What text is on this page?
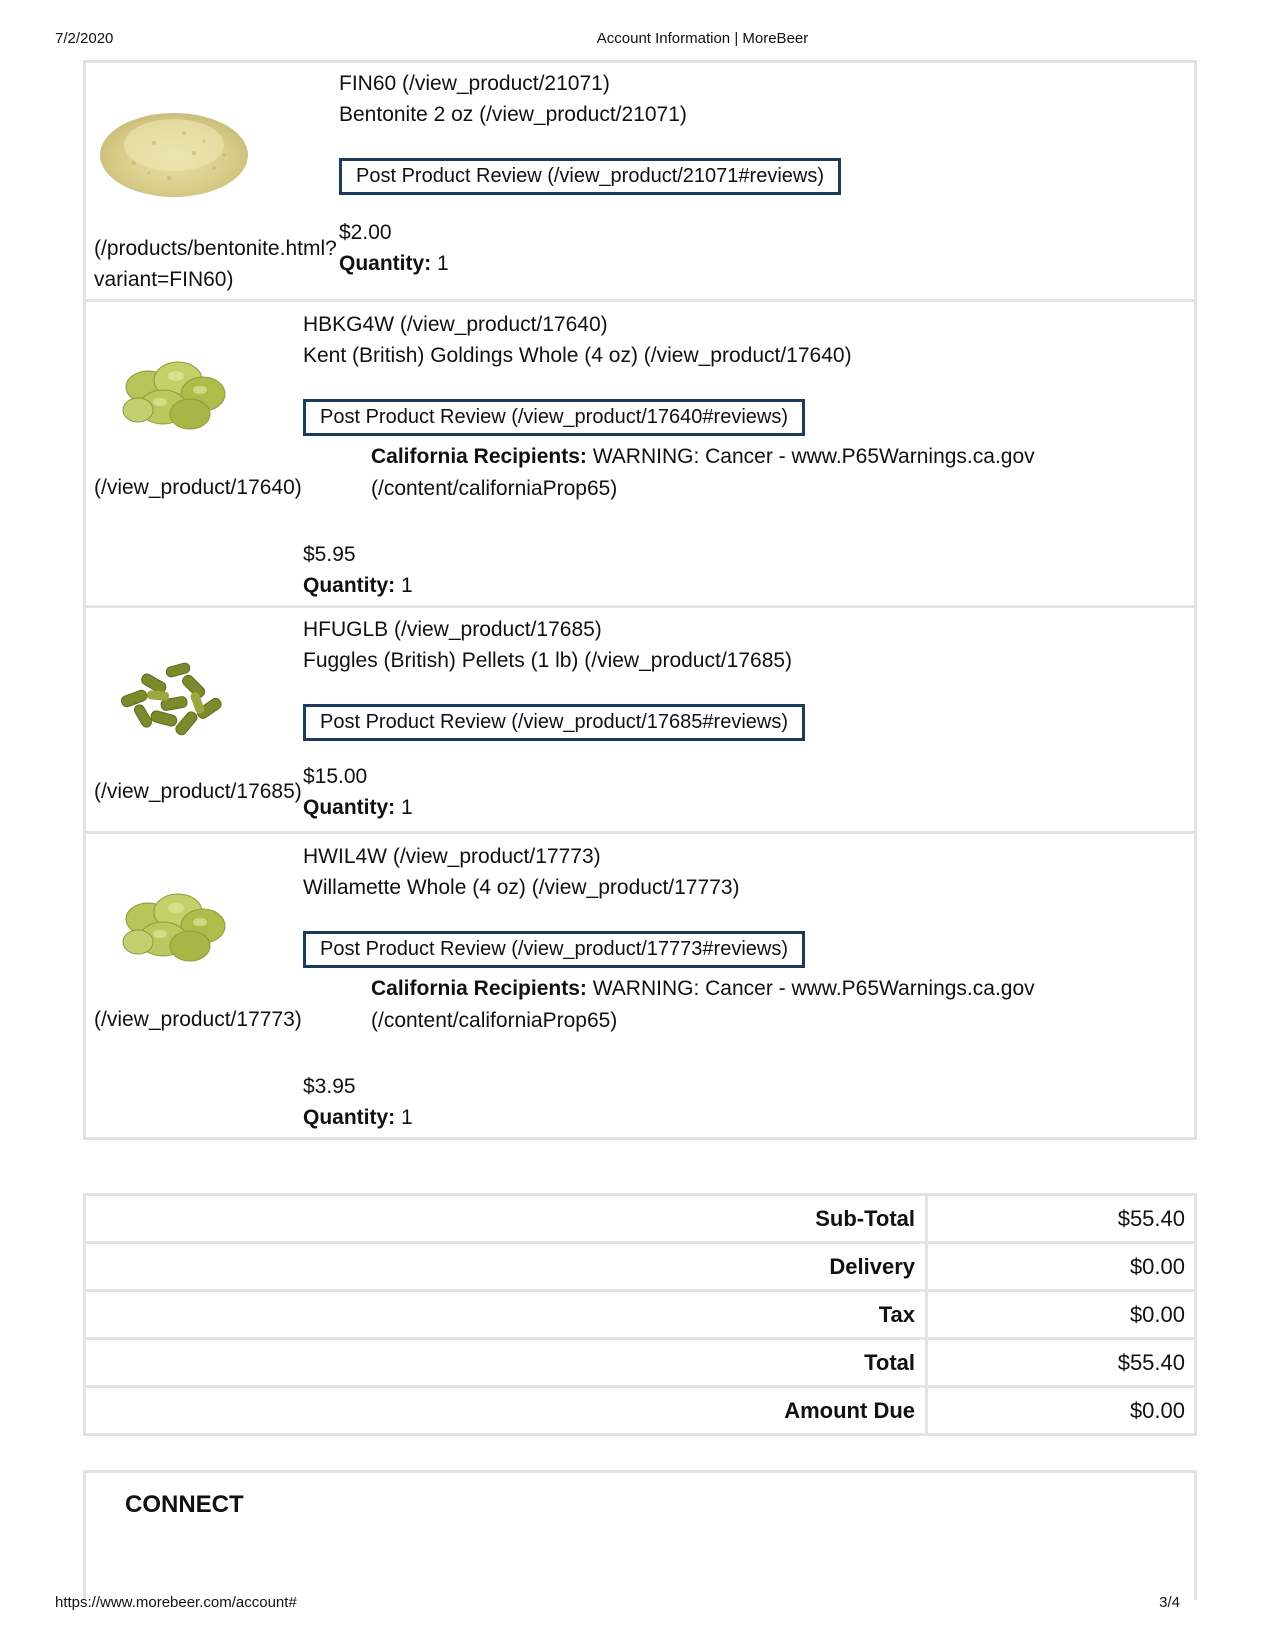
7/2/2020	Account Information | MoreBeer
(/products/bentonite.html?
variant=FIN60)
FIN60 (/view_product/21071)
Bentonite 2 oz (/view_product/21071)
Post Product Review (/view_product/21071#reviews)
$2.00
Quantity: 1
(/view_product/17640)
HBKG4W (/view_product/17640)
Kent (British) Goldings Whole (4 oz) (/view_product/17640)
Post Product Review (/view_product/17640#reviews)
California Recipients: WARNING: Cancer - www.P65Warnings.ca.gov
(/content/californiaProp65)
$5.95
Quantity: 1
(/view_product/17685)
HFUGLB (/view_product/17685)
Fuggles (British) Pellets (1 lb) (/view_product/17685)
Post Product Review (/view_product/17685#reviews)
$15.00
Quantity: 1
(/view_product/17773)
HWIL4W (/view_product/17773)
Willamette Whole (4 oz) (/view_product/17773)
Post Product Review (/view_product/17773#reviews)
California Recipients: WARNING: Cancer - www.P65Warnings.ca.gov
(/content/californiaProp65)
$3.95
Quantity: 1
Sub-Total	$55.40
Delivery	$0.00
Tax	$0.00
Total	$55.40
Amount Due	$0.00
CONNECT
https://www.morebeer.com/account#	3/4
